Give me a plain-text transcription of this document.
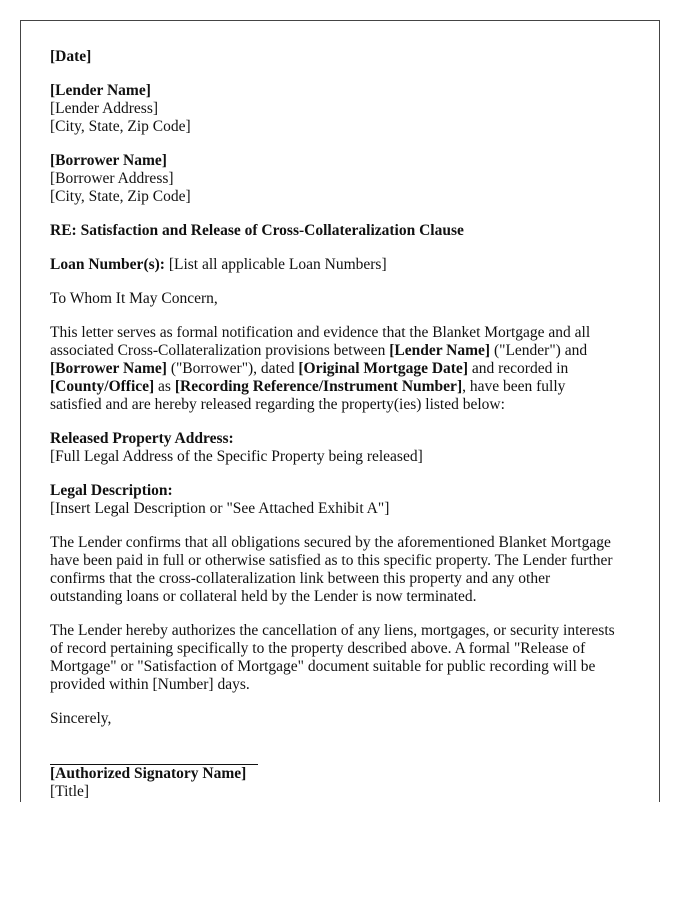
[Date]

[Lender Name]
[Lender Address]
[City, State, Zip Code]

[Borrower Name]
[Borrower Address]
[City, State, Zip Code]

RE: Satisfaction and Release of Cross-Collateralization Clause

Loan Number(s): [List all applicable Loan Numbers]

To Whom It May Concern,

This letter serves as formal notification and evidence that the Blanket Mortgage and all
associated Cross-Collateralization provisions between [Lender Name] ("Lender") and
[Borrower Name] ("Borrower"), dated [Original Mortgage Date] and recorded in
[County/Office] as [Recording Reference/Instrument Number], have been fully
satisfied and are hereby released regarding the property(ies) listed below:

Released Property Address:
[Full Legal Address of the Specific Property being released]

Legal Description:
[Insert Legal Description or "See Attached Exhibit A"]

The Lender confirms that all obligations secured by the aforementioned Blanket Mortgage
have been paid in full or otherwise satisfied as to this specific property. The Lender further
confirms that the cross-collateralization link between this property and any other
outstanding loans or collateral held by the Lender is now terminated.

The Lender hereby authorizes the cancellation of any liens, mortgages, or security interests
of record pertaining specifically to the property described above. A formal "Release of
Mortgage" or "Satisfaction of Mortgage" document suitable for public recording will be
provided within [Number] days.

Sincerely,

[Authorized Signatory Name]
[Title]
